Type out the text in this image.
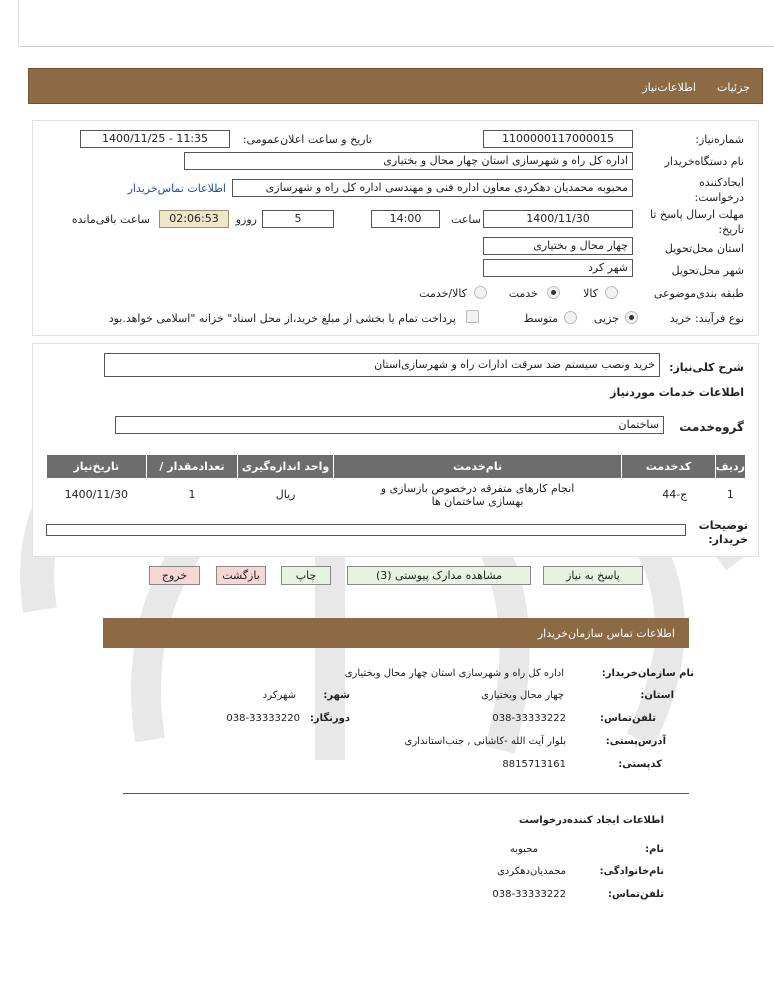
جزئیات
اطلاعات‌نیاز
شماره‌نیاز:
1100000117000015
تاریخ و ساعت اعلان‌عمومی:
1400/11/25 - 11:35
نام دستگاه‌خریدار
اداره کل راه و شهرسازی استان چهار محال و بختیاری
ایجادکننده درخواست:
محبوبه محمدیان دهکردی معاون اداره فنی و مهندسی اداره کل راه و شهرسازی
اطلاعات تماس‌خریدار
مهلت ارسال پاسخ تا تاریخ:
1400/11/30
ساعت
14:00
5
روزو
02:06:53
ساعت باقی‌مانده
استان محل‌تحویل
چهار محال و بختیاری
شهر محل‌تحویل
شهر کرد
طبقه بندی‌موضوعی
کالا
خدمت
کالا/خدمت
نوع فرآیند: خرید
جزیی
متوسط
پرداخت تمام یا بخشی از مبلغ خرید،از محل اسناد" خزانه "اسلامی خواهد.بود
شرح کلی‌نیاز:
خرید ونصب سیستم ضد سرقت ادارات راه و شهرسازی‌استان
اطلاعات خدمات موردنیاز
گروه‌خدمت
ساختمان
ردیف	کدخدمت	نام‌خدمت	واحد اندازه‌گیری	تعداد‌مقدار /	تاریخ‌نیاز
1	ج-44	انجام کارهای متفرقه درخصوص بازسازی و بهسازی ساختمان ها	ریال	1	1400/11/30
توضیحات خریدار:
پاسخ به نیاز
مشاهده مدارک پیوستی (3)
چاپ
بازگشت
خروج
اطلاعات تماس سازمان‌خریدار
نام سازمان‌خریدار:
اداره کل راه و شهرسازی استان چهار محال وبختیاری
استان:
چهار محال وبختیاری
شهر:
شهرکرد
تلفن‌تماس:
038-33333222
دورنگار:
038-33333220
آدرس‌پستی:
بلوار آیت الله -کاشانی , جنب‌استانداری
کدپستی:
8815713161
اطلاعات ایجاد کننده‌درخواست
نام:
محبوبه
نام‌خانوادگی:
محمدیان‌دهکردی
تلفن‌تماس:
038-33333222
